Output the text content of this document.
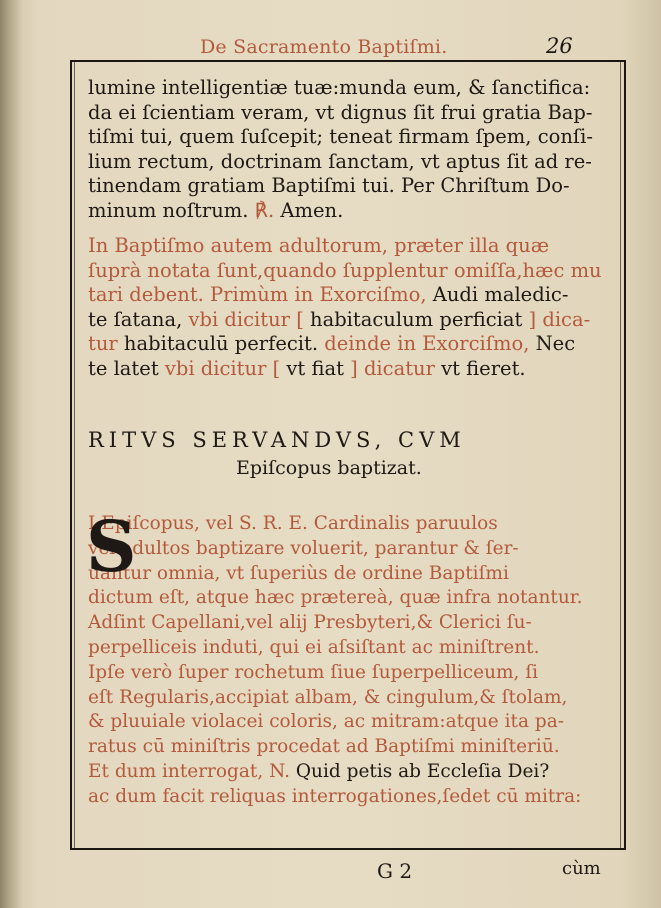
De Sacramento Baptiſmi.	26
lumine intelligentiæ tuæ:munda eum, & ſanctifica:
da ei ſcientiam veram, vt dignus ſit frui gratia Bap-
tiſmi tui, quem ſuſcepit; teneat firmam ſpem, conſi-
lium rectum, doctrinam ſanctam, vt aptus ſit ad re-
tinendam gratiam Baptiſmi tui. Per Chriſtum Do-
minum noſtrum. ℟. Amen.
In Baptiſmo autem adultorum, præter illa quæ
ſuprà notata ſunt,quando ſupplentur omiſſa,hæc mu
tari debent. Primùm in Exorciſmo, Audi maledic-
te ſatana, vbi dicitur [ habitaculum perficiat ] dica-
tur habitaculū perfecit. deinde in Exorciſmo, Nec
te latet vbi dicitur [ vt fiat ] dicatur vt fieret.
RITVS SERVANDVS, CVM
Epiſcopus baptizat.
I Epiſcopus, vel S. R. E. Cardinalis paruulos
vel adultos baptizare voluerit, parantur & ſer-
uantur omnia, vt ſuperiùs de ordine Baptiſmi
dictum eſt, atque hæc prætereà, quæ infra notantur.
Adſint Capellani,vel alij Presbyteri,& Clerici ſu-
perpelliceis induti, qui ei aſsiſtant ac miniſtrent.
Ipſe verò ſuper rochetum ſiue ſuperpelliceum, ſi
eſt Regularis,accipiat albam, & cingulum,& ſtolam,
& pluuiale violacei coloris, ac mitram:atque ita pa-
ratus cū miniſtris procedat ad Baptiſmi miniſteriū.
Et dum interrogat, N. Quid petis ab Eccleſia Dei?
ac dum facit reliquas interrogationes,ſedet cū mitra:
S
G 2	cùm
